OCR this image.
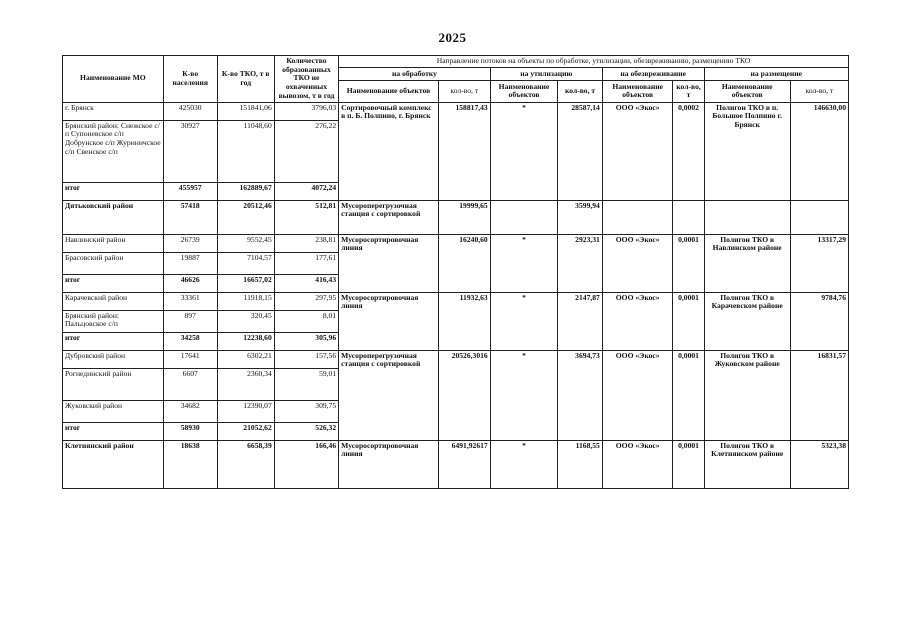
2025
Наименование МО	К-во населения	К-во ТКО, т в год	Количество образованных ТКО не охваченных вывозом, т в год	Направление потоков на объекты по обработке, утилизации, обезвреживанию, размещению ТКО							
				на обработку		на утилизацию		на обезвреживание		на размещение	
				Наименование объектов	кол-во, т	Наименование объектов	кол-во, т	Наименование объектов	кол-во, т	Наименование объектов	кол-во, т
г. Брянск	425030	151841,06	3796,03	Сортировочный комплекс в п. Б. Полпино, г. Брянск	158817,43	*	28587,14	ООО «Экос»	0,0002	Полигон ТКО в п. Большое Полпино г. Брянск	146630,00
Брянский район: Снежское с/п Супоневское с/п Добрунское с/п Журиничское с/п Свенское с/п	30927	11048,60	276,22								
итог	455957	162889,67	4072,24								
Дятьковский район	57418	20512,46	512,81	Мусороперегрузочная станция с сортировкой	19999,65		3599,94				
Навлинский район	26739	9552,45	238,81	Мусоросортировочная линия	16240,60	*	2923,31	ООО «Экос»	0,0001	Полигон ТКО в Навлинском районе	13317,29
Брасовский район	19887	7104,57	177,61								
итог	46626	16657,02	416,43								
Карачевский район	33361	11918,15	297,95	Мусоросортировочная линия	11932,63	*	2147,87	ООО «Экос»	0,0001	Полигон ТКО в Карачевском районе	9784,76
Брянский район: Пальцовское с/п	897	320,45	8,01								
итог	34258	12238,60	305,96								
Дубровский район	17641	6302,21	157,56	Мусороперегрузочная станция с сортировкой	20526,3016	*	3694,73	ООО «Экос»	0,0001	Полигон ТКО в Жуковском районе	16831,57
Рогнединский район	6607	2360,34	59,01								
Жуковский район	34682	12390,07	309,75								
итог	58930	21052,62	526,32								
Клетнянский район	18638	6658,39	166,46	Мусоросортировочная линия	6491,92617	*	1168,55	ООО «Экос»	0,0001	Полигон ТКО в Клетнянском районе	5323,38
